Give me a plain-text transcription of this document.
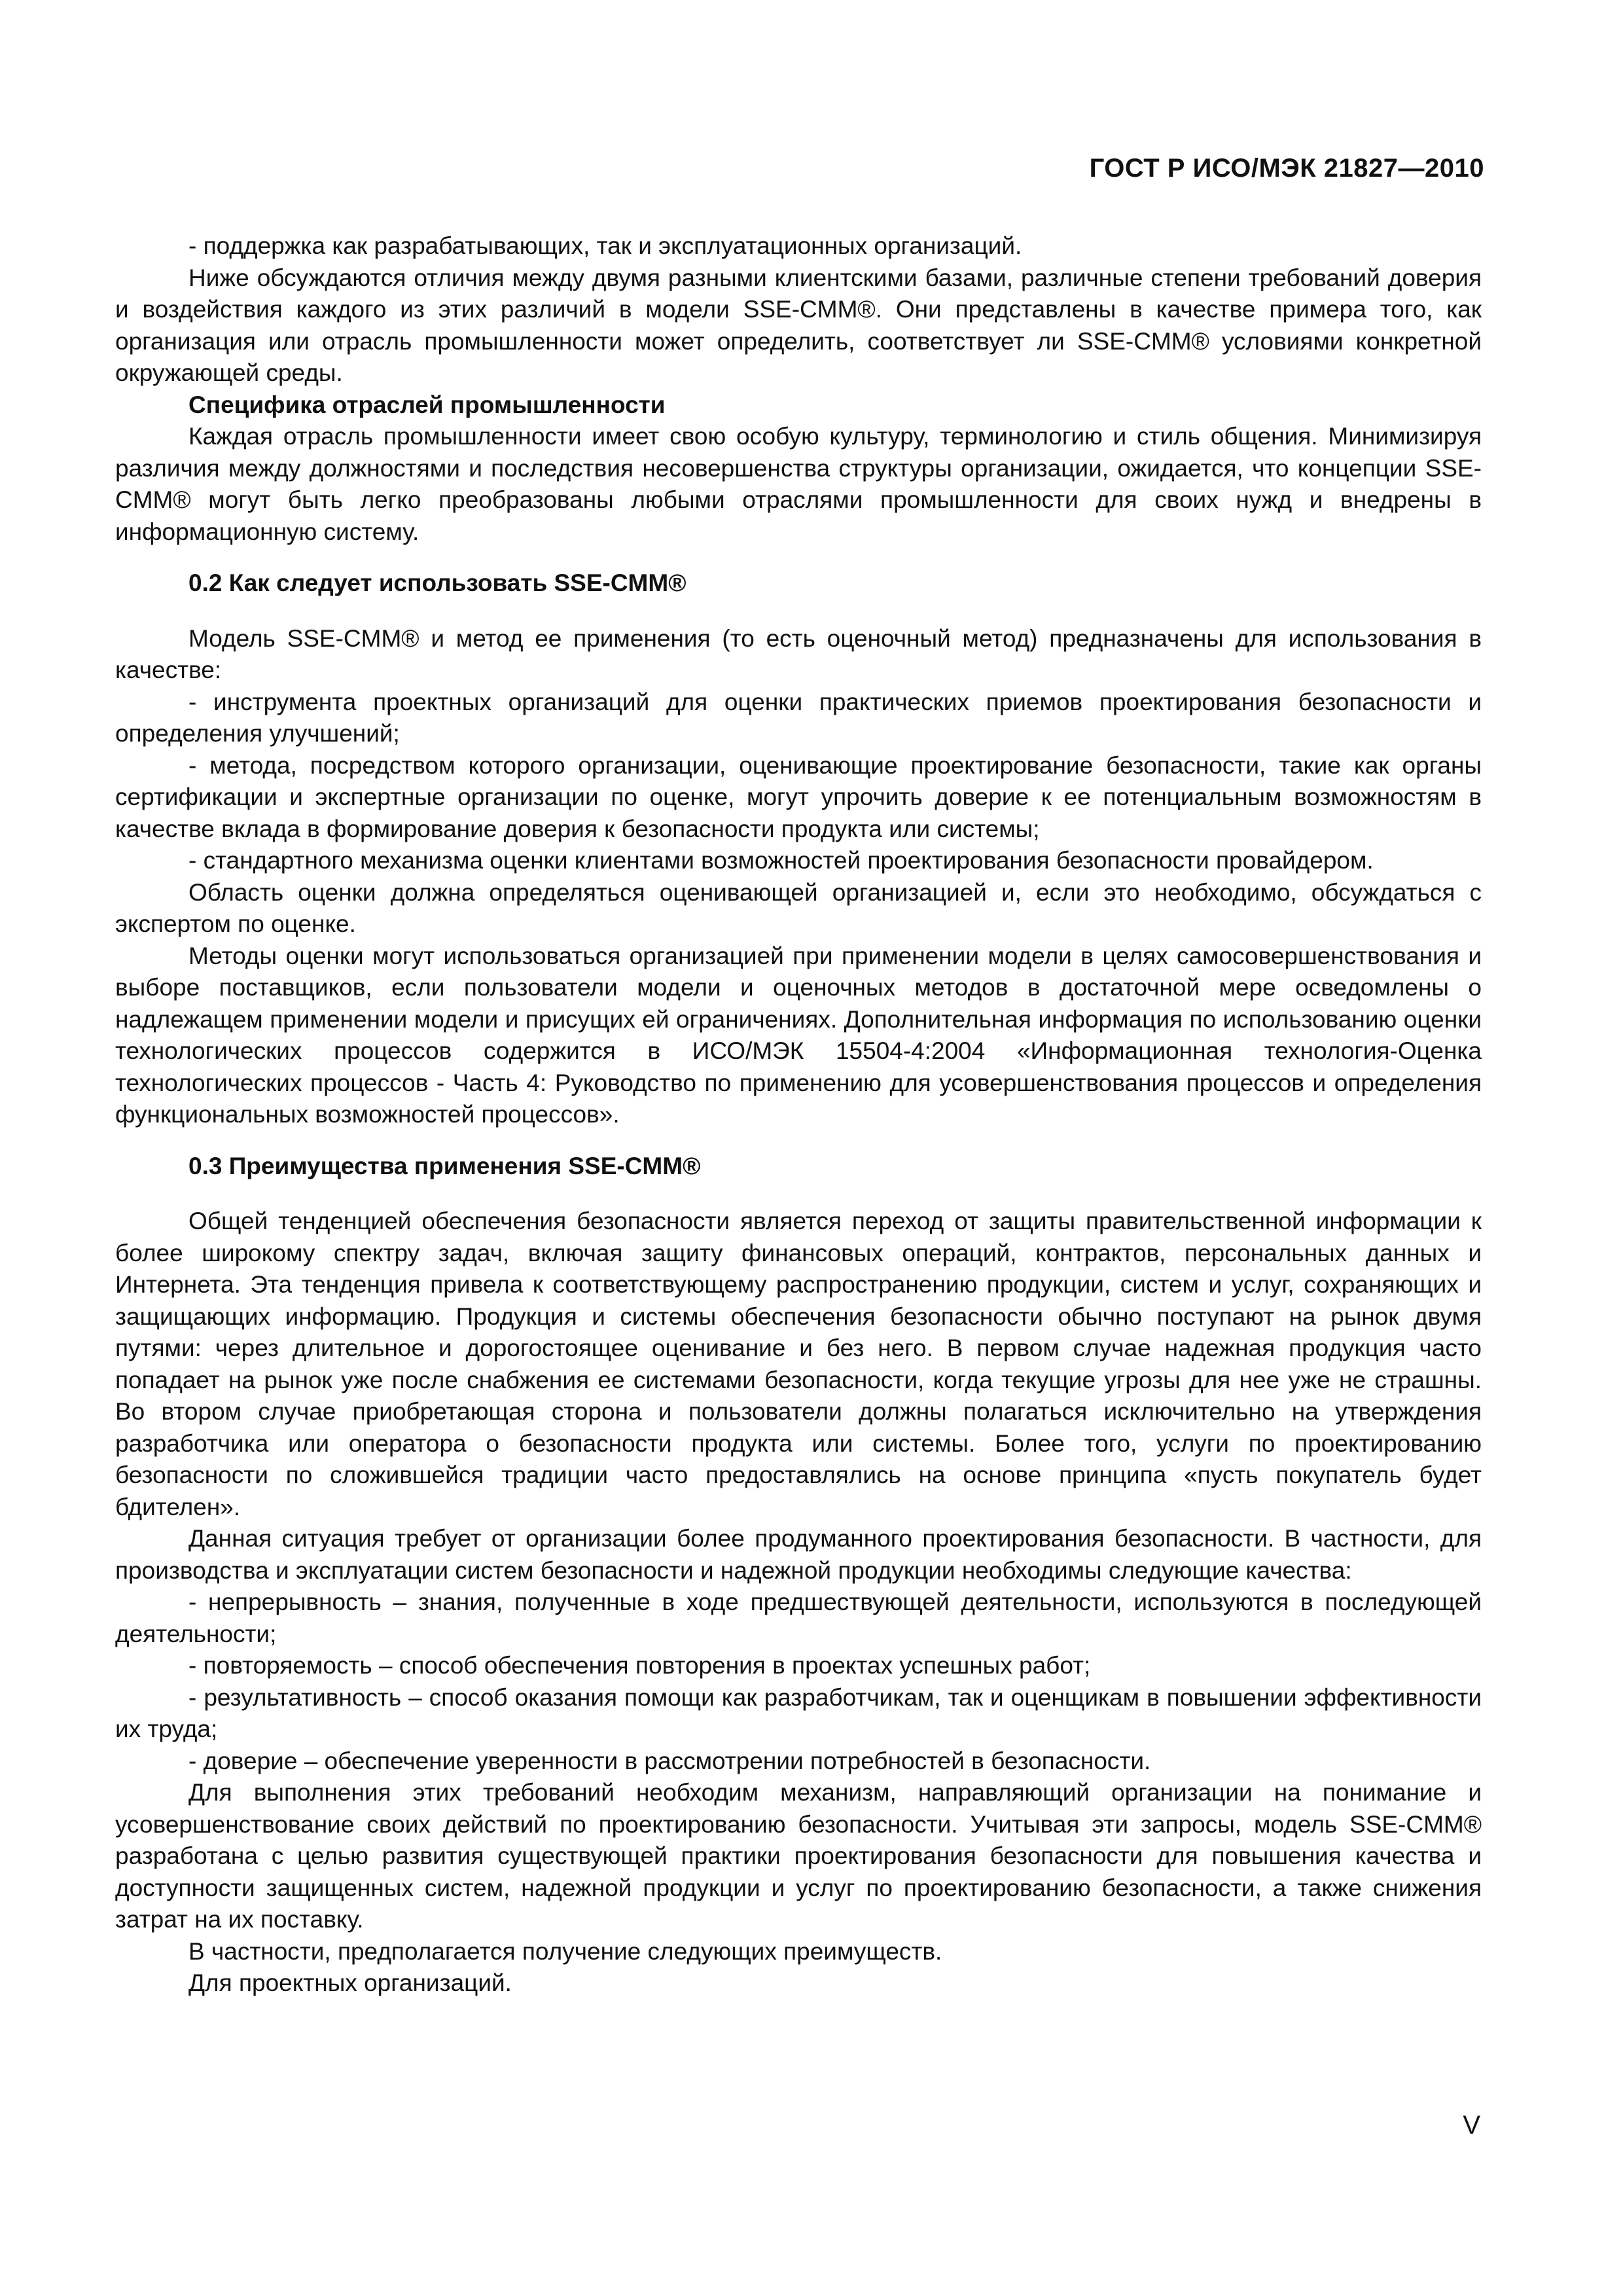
ГОСТ Р ИСО/МЭК 21827—2010

- поддержка как разрабатывающих, так и эксплуатационных организаций.

Ниже обсуждаются отличия между двумя разными клиентскими базами, различные степени требований доверия и воздействия каждого из этих различий в модели SSE-CMM®. Они представлены в качестве примера того, как организация или отрасль промышленности может определить, соответствует ли SSE-CMM® условиями конкретной окружающей среды.

Специфика отраслей промышленности

Каждая отрасль промышленности имеет свою особую культуру, терминологию и стиль общения. Минимизируя различия между должностями и последствия несовершенства структуры организации, ожидается, что концепции SSE-CMM® могут быть легко преобразованы любыми отраслями промышленности для своих нужд и внедрены в информационную систему.

0.2 Как следует использовать SSE-CMM®

Модель SSE-CMM® и метод ее применения (то есть оценочный метод) предназначены для использования в качестве:

- инструмента проектных организаций для оценки практических приемов проектирования безопасности и определения улучшений;

- метода, посредством которого организации, оценивающие проектирование безопасности, такие как органы сертификации и экспертные организации по оценке, могут упрочить доверие к ее потенциальным возможностям в качестве вклада в формирование доверия к безопасности продукта или системы;

- стандартного механизма оценки клиентами возможностей проектирования безопасности провайдером.

Область оценки должна определяться оценивающей организацией и, если это необходимо, обсуждаться с экспертом по оценке.

Методы оценки могут использоваться организацией при применении модели в целях самосовершенствования и выборе поставщиков, если пользователи модели и оценочных методов в достаточной мере осведомлены о надлежащем применении модели и присущих ей ограничениях. Дополнительная информация по использованию оценки технологических процессов содержится в ИСО/МЭК 15504-4:2004 «Информационная технология-Оценка технологических процессов - Часть 4: Руководство по применению для усовершенствования процессов и определения функциональных возможностей процессов».

0.3 Преимущества применения SSE-CMM®

Общей тенденцией обеспечения безопасности является переход от защиты правительственной информации к более широкому спектру задач, включая защиту финансовых операций, контрактов, персональных данных и Интернета. Эта тенденция привела к соответствующему распространению продукции, систем и услуг, сохраняющих и защищающих информацию. Продукция и системы обеспечения безопасности обычно поступают на рынок двумя путями: через длительное и дорогостоящее оценивание и без него. В первом случае надежная продукция часто попадает на рынок уже после снабжения ее системами безопасности, когда текущие угрозы для нее уже не страшны. Во втором случае приобретающая сторона и пользователи должны полагаться исключительно на утверждения разработчика или оператора о безопасности продукта или системы. Более того, услуги по проектированию безопасности по сложившейся традиции часто предоставлялись на основе принципа «пусть покупатель будет бдителен».

Данная ситуация требует от организации более продуманного проектирования безопасности. В частности, для производства и эксплуатации систем безопасности и надежной продукции необходимы следующие качества:

- непрерывность – знания, полученные в ходе предшествующей деятельности, используются в последующей деятельности;

- повторяемость – способ обеспечения повторения в проектах успешных работ;

- результативность – способ оказания помощи как разработчикам, так и оценщикам в повышении эффективности их труда;

- доверие – обеспечение уверенности в рассмотрении потребностей в безопасности.

Для выполнения этих требований необходим механизм, направляющий организации на понимание и усовершенствование своих действий по проектированию безопасности. Учитывая эти запросы, модель SSE-CMM® разработана с целью развития существующей практики проектирования безопасности для повышения качества и доступности защищенных систем, надежной продукции и услуг по проектированию безопасности, а также снижения затрат на их поставку.

В частности, предполагается получение следующих преимуществ.

Для проектных организаций.

V
